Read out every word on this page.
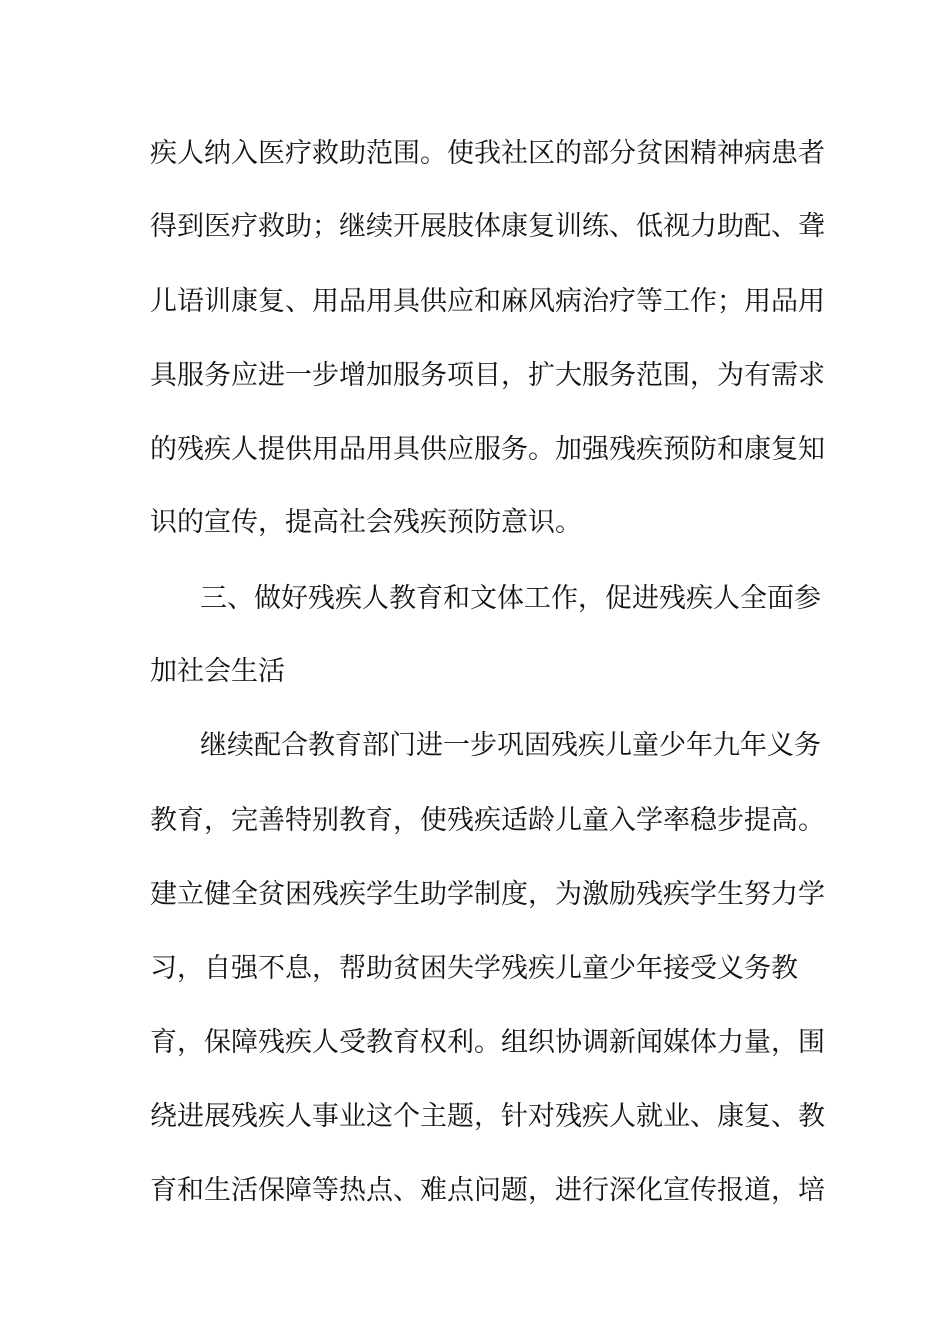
疾人纳入医疗救助范围。使我社区的部分贫困精神病患者
得到医疗救助；继续开展肢体康复训练、低视力助配、聋
儿语训康复、用品用具供应和麻风病治疗等工作；用品用
具服务应进一步增加服务项目，扩大服务范围，为有需求
的残疾人提供用品用具供应服务。加强残疾预防和康复知
识的宣传，提高社会残疾预防意识。
三、做好残疾人教育和文体工作，促进残疾人全面参
加社会生活
继续配合教育部门进一步巩固残疾儿童少年九年义务
教育，完善特别教育，使残疾适龄儿童入学率稳步提高。
建立健全贫困残疾学生助学制度，为激励残疾学生努力学
习，自强不息，帮助贫困失学残疾儿童少年接受义务教
育，保障残疾人受教育权利。组织协调新闻媒体力量，围
绕进展残疾人事业这个主题，针对残疾人就业、康复、教
育和生活保障等热点、难点问题，进行深化宣传报道，培
